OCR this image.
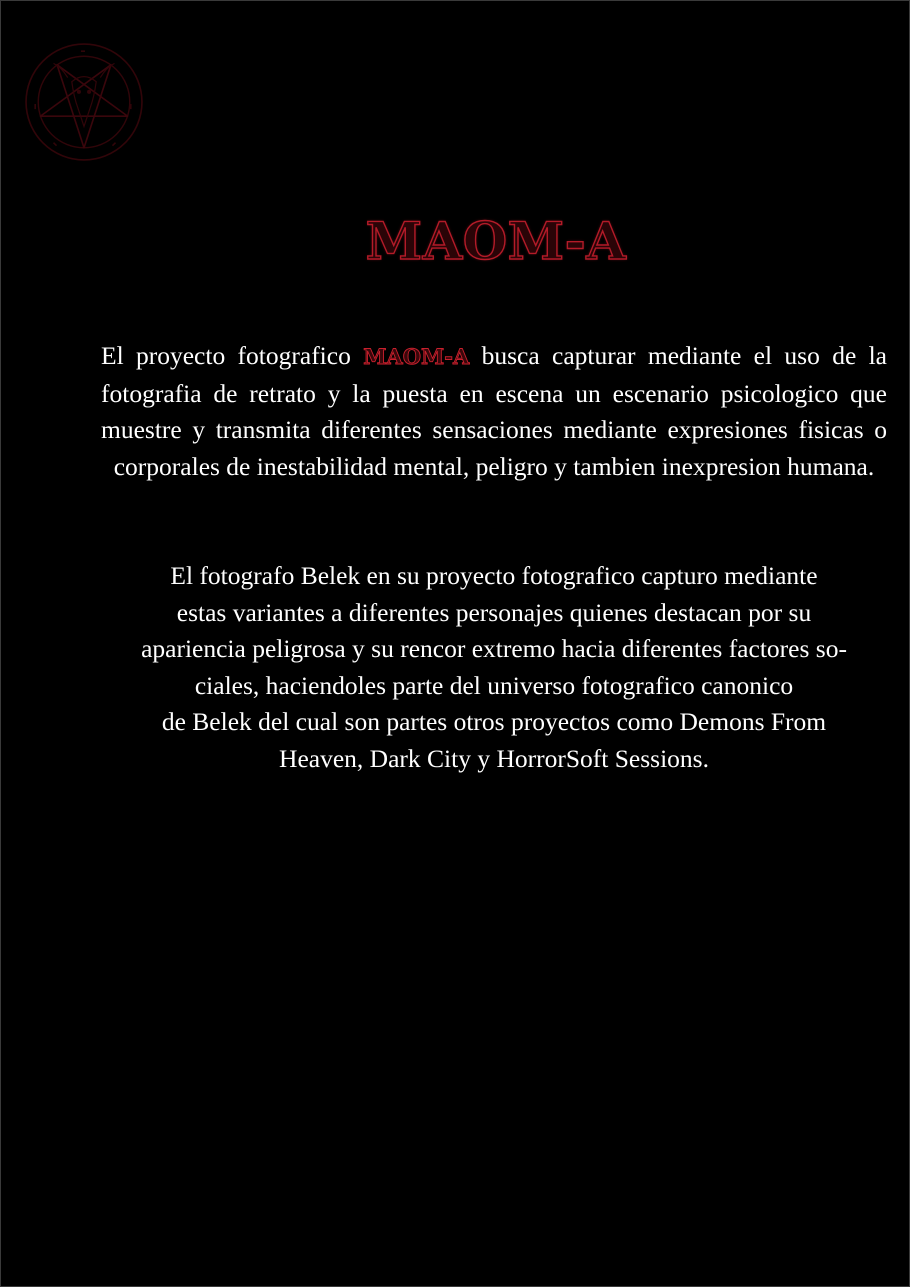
MAOM-A

El proyecto fotografico MAOM-A busca capturar mediante el uso de la fotografia de retrato y la puesta en escena un escenario psicologico que muestre y transmita diferentes sensaciones mediante expresiones fisicas o corporales de inestabilidad mental, peligro y tambien inexpresion humana.

El fotografo Belek en su proyecto fotografico capturo mediante
estas variantes a diferentes personajes quienes destacan por su
apariencia peligrosa y su rencor extremo hacia diferentes factores so-
ciales, haciendoles parte del universo fotografico canonico
de Belek del cual son partes otros proyectos como Demons From
Heaven, Dark City y HorrorSoft Sessions.
